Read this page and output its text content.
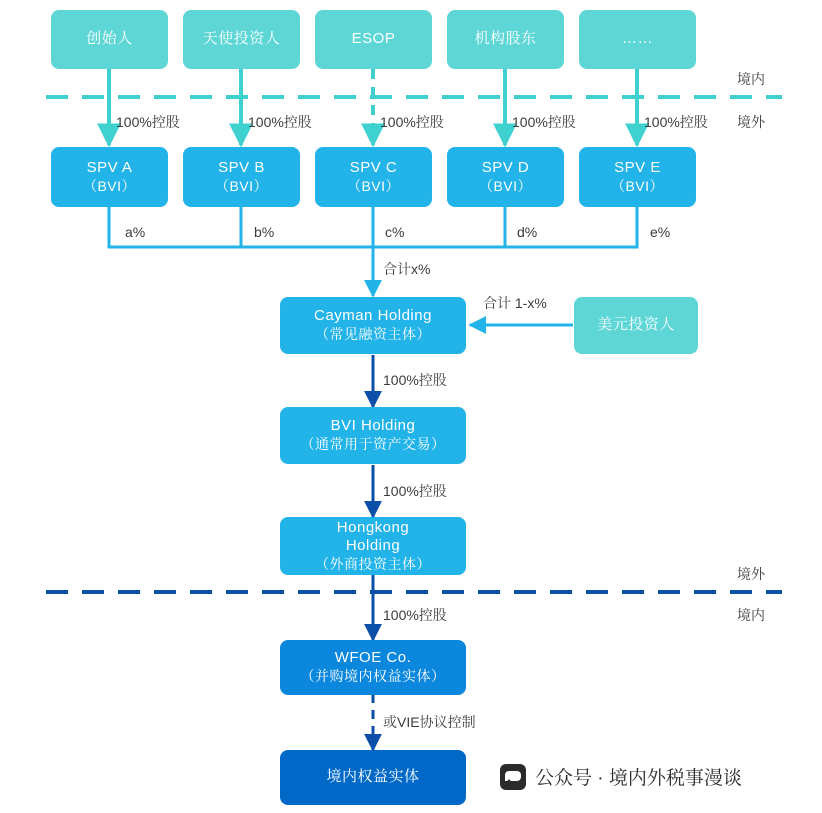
创始人	天使投资人	ESOP	机构股东	……
SPV A
（BVI）
SPV B
（BVI）
SPV C
（BVI）
SPV D
（BVI）
SPV E
（BVI）
Cayman Holding
（常见融资主体）
美元投资人
BVI Holding
（通常用于资产交易）
Hongkong
Holding
（外商投资主体）
WFOE Co.
（并购境内权益实体）
境内权益实体
100%控股	100%控股	100%控股	100%控股	100%控股
a%	b%	c%	d%	e%
合计x%
合计 1-x%
100%控股
100%控股
100%控股
或VIE协议控制
境内
境外
境外
境内
公众号 · 境内外税事漫谈
